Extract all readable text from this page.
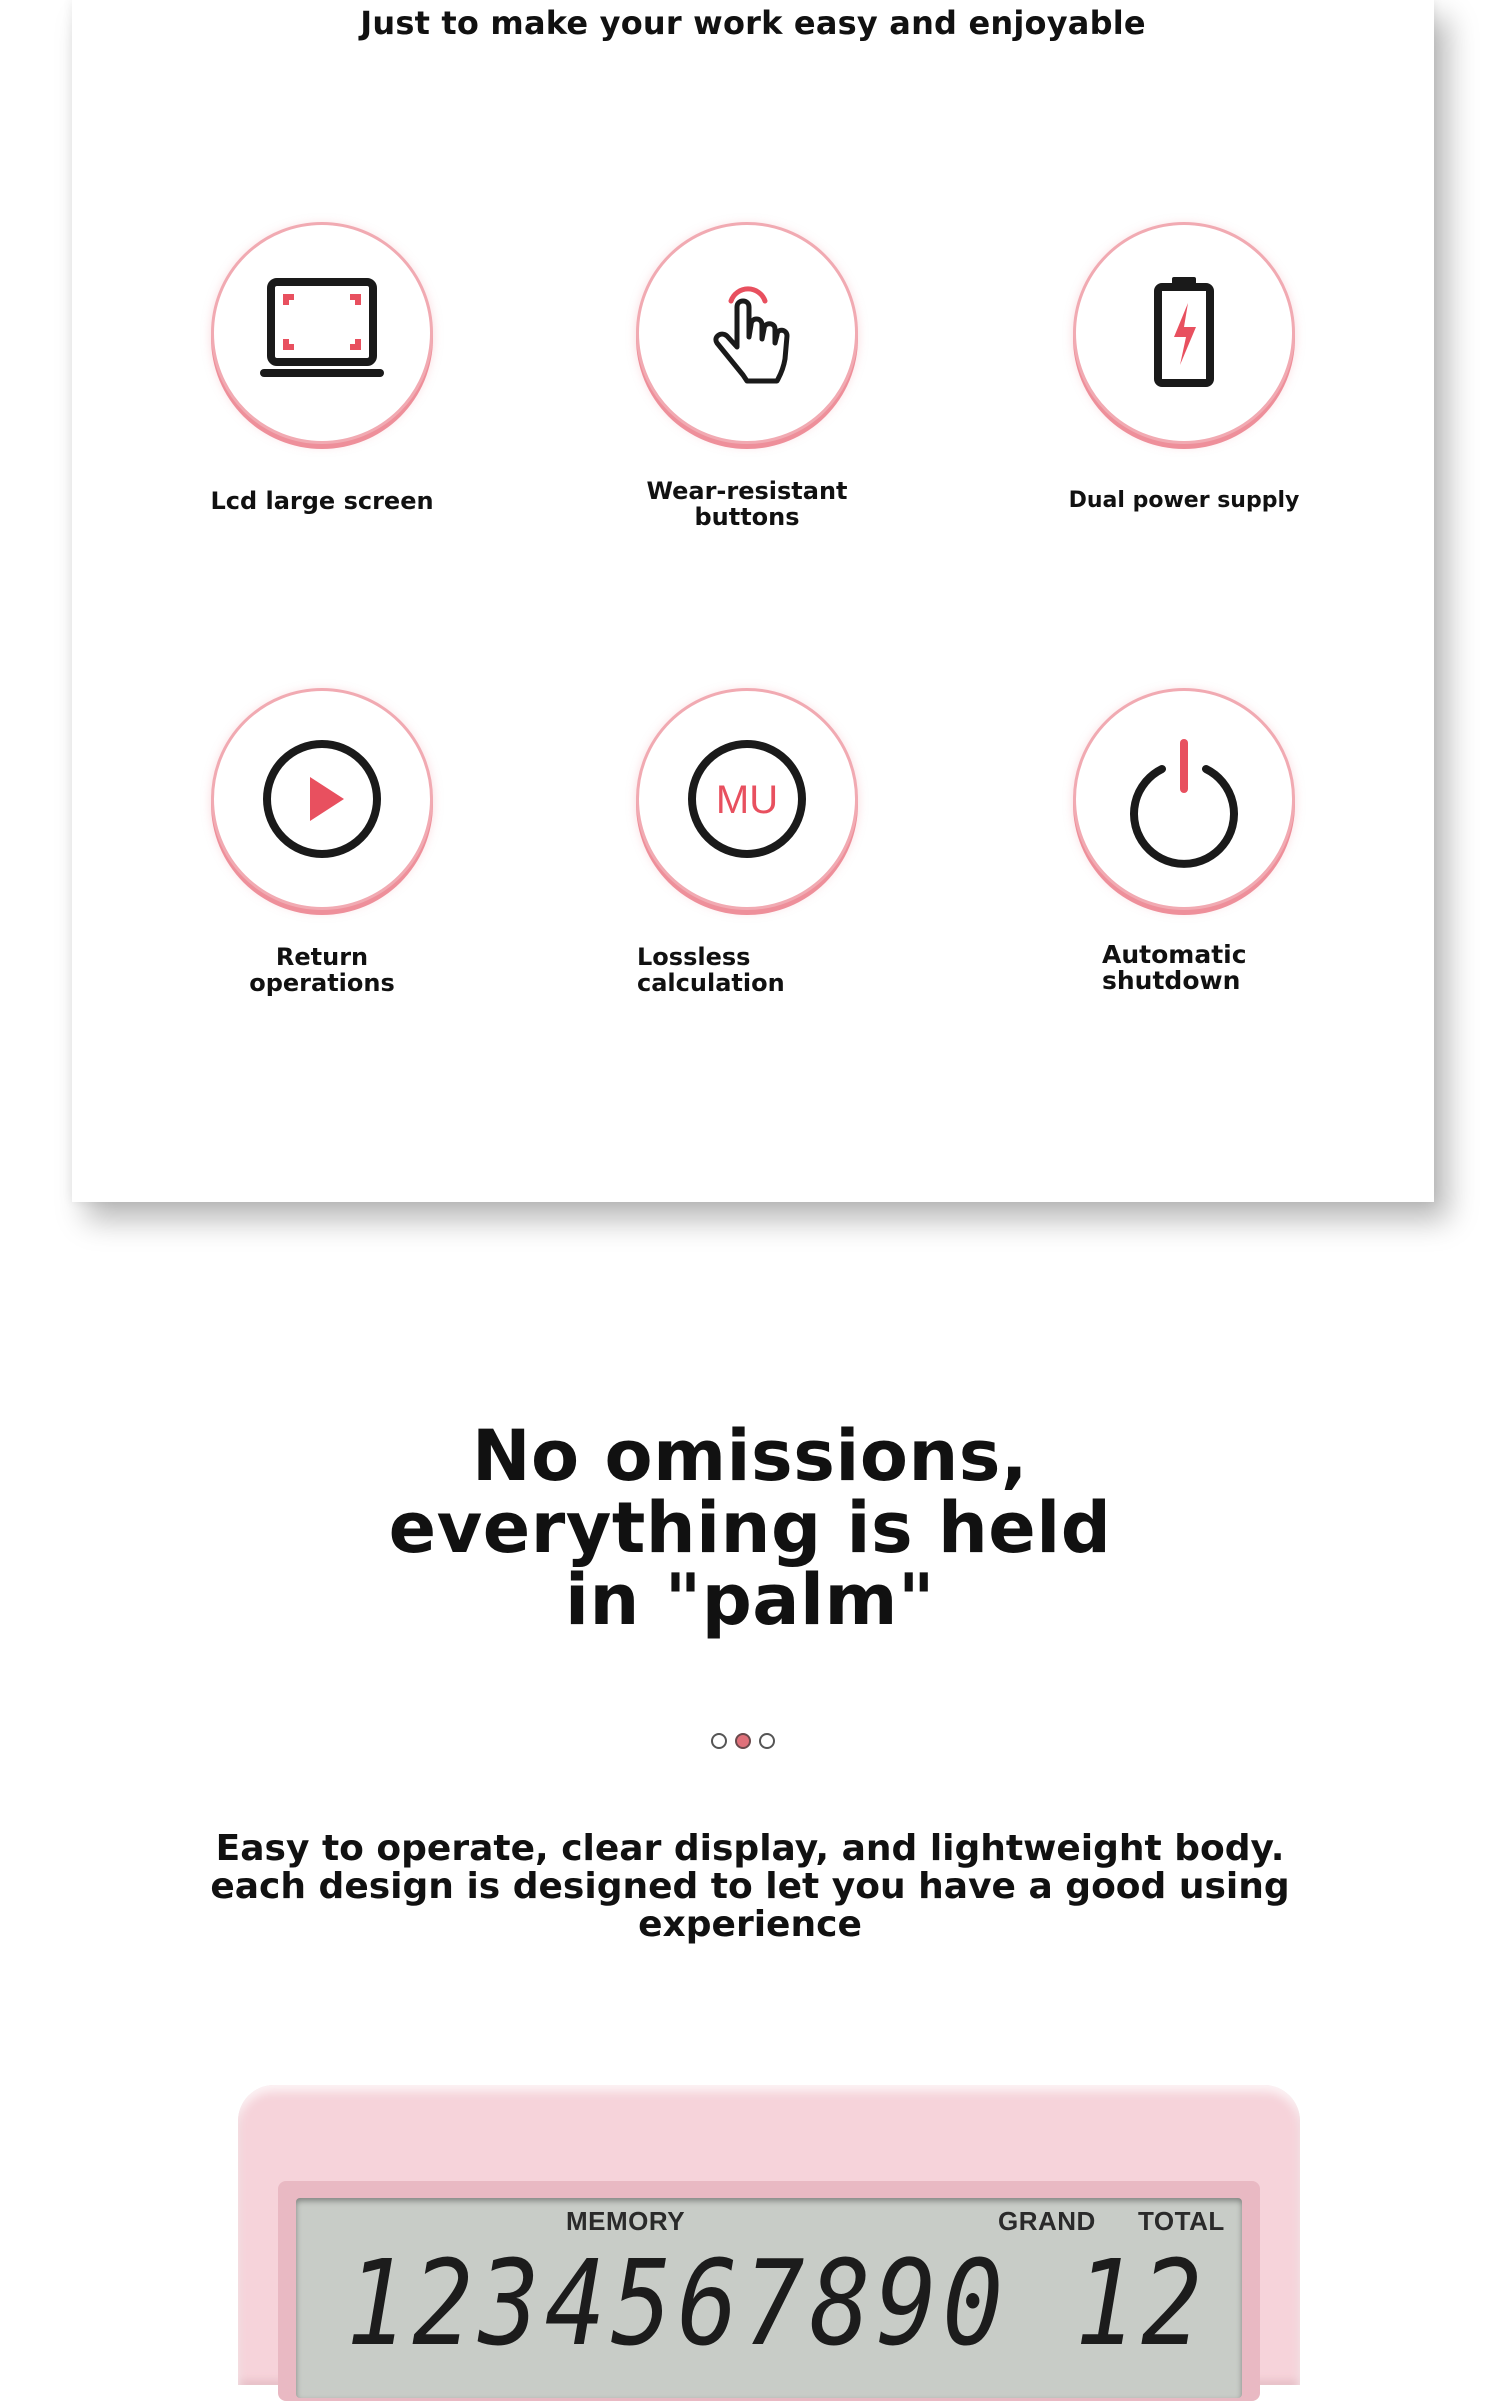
Just to make your work easy and enjoyable
Lcd large screen	Wear-resistant
buttons
Dual power supply
Return
operations
MU
Lossless
calculation
Automatic
shutdown
No omissions,
everything is held
in "palm"
Easy to operate, clear display, and lightweight body.
each design is designed to let you have a good using
experience
MEMORY	GRAND TOTAL
1234567890 12
